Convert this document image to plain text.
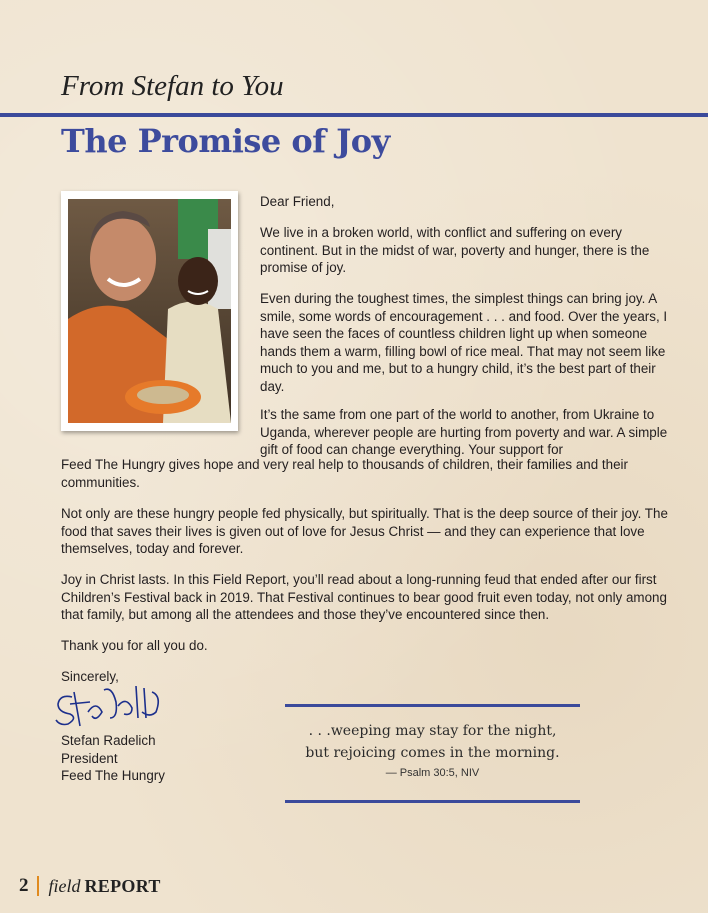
From Stefan to You
The Promise of Joy

Dear Friend,

We live in a broken world, with conflict and suffering on every continent. But in the midst of war, poverty and hunger, there is the promise of joy.

Even during the toughest times, the simplest things can bring joy. A smile, some words of encouragement . . . and food. Over the years, I have seen the faces of countless children light up when someone hands them a warm, filling bowl of rice meal. That may not seem like much to you and me, but to a hungry child, it’s the best part of their day.

It’s the same from one part of the world to another, from Ukraine to Uganda, wherever people are hurting from poverty and war. A simple gift of food can change everything. Your support for

Feed The Hungry gives hope and very real help to thousands of children, their families and their communities.

Not only are these hungry people fed physically, but spiritually. That is the deep source of their joy. The food that saves their lives is given out of love for Jesus Christ — and they can experience that love themselves, today and forever.

Joy in Christ lasts. In this Field Report, you’ll read about a long-running feud that ended after our first Children’s Festival back in 2019. That Festival continues to bear good fruit even today, not only among that family, but among all the attendees and those they’ve encountered since then.

Thank you for all you do.

Sincerely,

Stefan Radelich
President
Feed The Hungry
. . .weeping may stay for the night,
but rejoicing comes in the morning.
— Psalm 30:5, NIV
2 field REPORT
